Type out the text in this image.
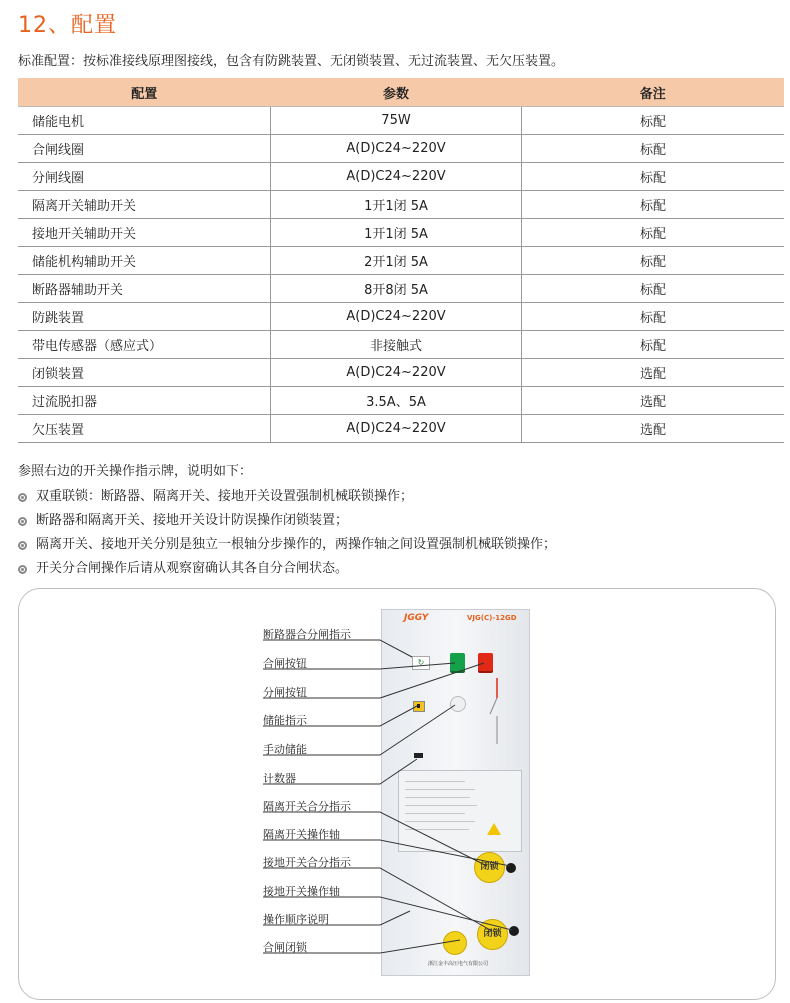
12、配置
标准配置：按标准接线原理图接线，包含有防跳装置、无闭锁装置、无过流装置、无欠压装置。
配置	参数	备注
储能电机	75W	标配
合闸线圈	A(D)C24~220V	标配
分闸线圈	A(D)C24~220V	标配
隔离开关辅助开关	1开1闭 5A	标配
接地开关辅助开关	1开1闭 5A	标配
储能机构辅助开关	2开1闭 5A	标配
断路器辅助开关	8开8闭 5A	标配
防跳装置	A(D)C24~220V	标配
带电传感器（感应式）	非接触式	标配
闭锁装置	A(D)C24~220V	选配
过流脱扣器	3.5A、5A	选配
欠压装置	A(D)C24~220V	选配
参照右边的开关操作指示牌，说明如下：
双重联锁：断路器、隔离开关、接地开关设置强制机械联锁操作；
断路器和隔离开关、接地开关设计防误操作闭锁装置；
隔离开关、接地开关分别是独立一根轴分步操作的，两操作轴之间设置强制机械联锁操作；
开关分合闸操作后请从观察窗确认其各自分合闸状态。
断路器合分闸指示
合闸按钮
分闸按钮
储能指示
手动储能
计数器
隔离开关合分指示
隔离开关操作轴
接地开关合分指示
接地开关操作轴
操作顺序说明
合闸闭锁
JGGY	VJG(C)-12GD
↻
闭锁
闭锁
浙江金丰高压电气有限公司
